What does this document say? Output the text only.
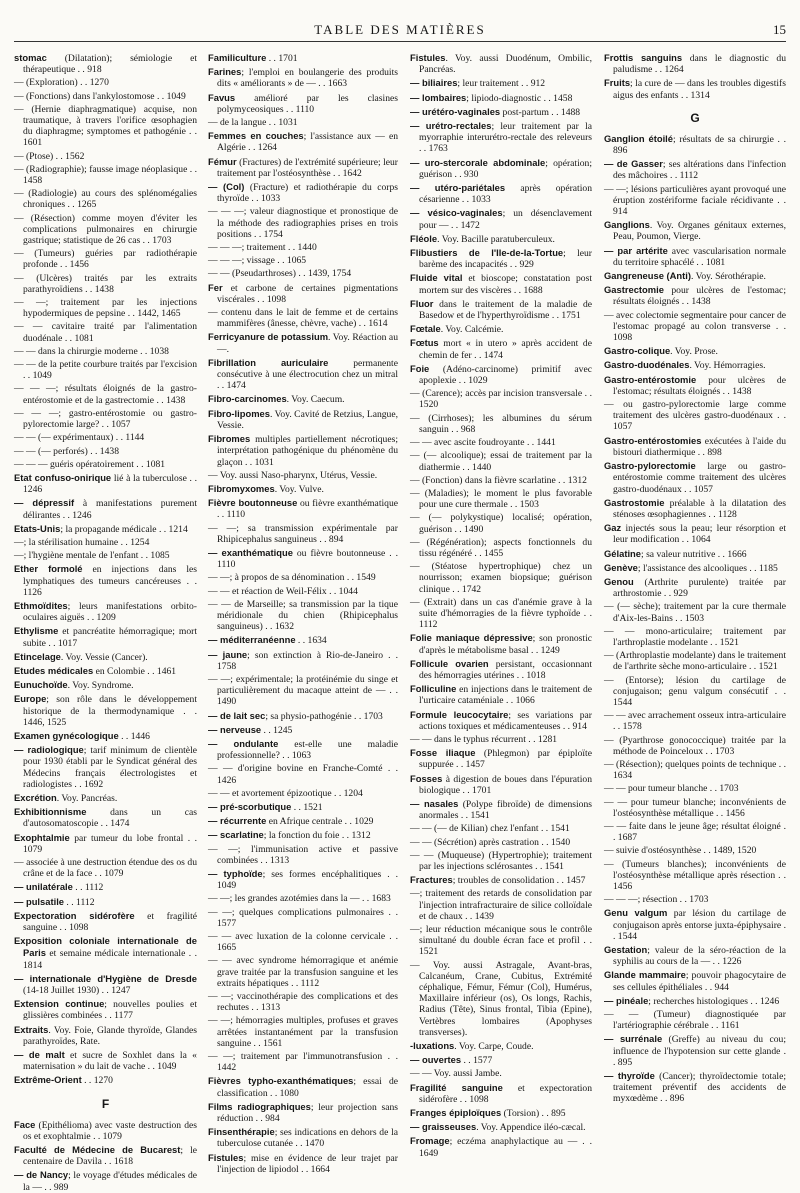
TABLE DES MATIÈRES	15
stomac (Dilatation); sémiologie et thérapeutique . . 918
— (Exploration) . . 1270
— (Fonctions) dans l'ankylostomose . . 1049
— (Hernie diaphragmatique) acquise, non traumatique, à travers l'orifice œsophagien du diaphragme; symptomes et pathogénie . . 1601
— (Ptose) . . 1562
— (Radiographie); fausse image néoplasique . . 1458
— (Radiologie) au cours des splénomégalies chroniques . . 1265
— (Résection) comme moyen d'éviter les complications pulmonaires en chirurgie gastrique; statistique de 26 cas . . 1703
— (Tumeurs) guéries par radiothérapie profonde . . 1456
— (Ulcères) traités par les extraits parathyroïdiens . . 1438
— —; traitement par les injections hypodermiques de pepsine . . 1442, 1465
— — cavitaire traité par l'alimentation duodénale . . 1081
— — dans la chirurgie moderne . . 1038
— — de la petite courbure traités par l'excision . . 1049
— — —; résultats éloignés de la gastro-entérostomie et de la gastrectomie . . 1438
— — —; gastro-entérostomie ou gastro-pylorectomie large? . . 1057
— — (— expérimentaux) . . 1144
— — (— perforés) . . 1438
— — — guéris opératoirement . . 1081
Etat confuso-onirique lié à la tuberculose . . 1246
— dépressif à manifestations purement délirantes . . 1246
Etats-Unis; la propagande médicale . . 1214
—; la stérilisation humaine . . 1254
—; l'hygiène mentale de l'enfant . . 1085
Ether formolé en injections dans les lymphatiques des tumeurs cancéreuses . . 1126
Ethmoïdites; leurs manifestations orbito-oculaires aiguës . . 1209
Ethylisme et pancréatite hémorragique; mort subite . . 1017
Etincelage. Voy. Vessie (Cancer).
Etudes médicales en Colombie . . 1461
Eunuchoïde. Voy. Syndrome.
Europe; son rôle dans le développement historique de la thermodynamique . . 1446, 1525
Examen gynécologique . . 1446
— radiologique; tarif minimum de clientèle pour 1930 établi par le Syndicat général des Médecins français électrologistes et radiologistes . . 1692
Excrétion. Voy. Pancréas.
Exhibitionnisme dans un cas d'autosomatoscopie . . 1474
Exophtalmie par tumeur du lobe frontal . . 1079
— associée à une destruction étendue des os du crâne et de la face . . 1079
— unilatérale . . 1112
— pulsatile . . 1112
Expectoration sidérofère et fragilité sanguine . . 1098
Exposition coloniale internationale de Paris et semaine médicale internationale . . 1814
— internationale d'Hygiène de Dresde (14-18 Juillet 1930) . . 1247
Extension continue; nouvelles poulies et glissières combinées . . 1177
Extraits. Voy. Foie, Glande thyroïde, Glandes parathyroïdes, Rate.
— de malt et sucre de Soxhlet dans la « maternisation » du lait de vache . . 1049
Extrême-Orient . . 1270
F
Face (Epithélioma) avec vaste destruction des os et exophtalmie . . 1079
Faculté de Médecine de Bucarest; le centenaire de Davila . . 1618
— de Nancy; le voyage d'études médicales de la — . . 989
Familiculture . . 1701
Farines; l'emploi en boulangerie des produits dits « améliorants » de — . . 1663
Favus amélioré par les clasines polymyceosiques . . 1110
— de la langue . . 1031
Femmes en couches; l'assistance aux — en Algérie . . 1264
Fémur (Fractures) de l'extrémité supérieure; leur traitement par l'ostéosynthèse . . 1642
— (Col) (Fracture) et radiothérapie du corps thyroïde . . 1033
— — —; valeur diagnostique et pronostique de la méthode des radiographies prises en trois positions . . 1754
— — —; traitement . . 1440
— — —; vissage . . 1065
— — (Pseudarthroses) . . 1439, 1754
Fer et carbone de certaines pigmentations viscérales . . 1098
— contenu dans le lait de femme et de certains mammifères (ânesse, chèvre, vache) . . 1614
Ferricyanure de potassium. Voy. Réaction au —.
Fibrillation auriculaire permanente consécutive à une électrocution chez un mitral . . 1474
Fibro-carcinomes. Voy. Caecum.
Fibro-lipomes. Voy. Cavité de Retzius, Langue, Vessie.
Fibromes multiples partiellement nécrotiques; interprétation pathogénique du phénomène du glaçon . . 1031
— Voy. aussi Naso-pharynx, Utérus, Vessie.
Fibromyxomes. Voy. Vulve.
Fièvre boutonneuse ou fièvre exanthématique . . 1110
— —; sa transmission expérimentale par Rhipicephalus sanguineus . . 894
— exanthématique ou fièvre boutonneuse . . 1110
— —; à propos de sa dénomination . . 1549
— — et réaction de Weil-Félix . . 1044
— — de Marseille; sa transmission par la tique méridionale du chien (Rhipicephalus sanguineus) . . 1632
— méditerranéenne . . 1634
— jaune; son extinction à Rio-de-Janeiro . . 1758
— —; expérimentale; la protéinémie du singe et particulièrement du macaque atteint de — . . 1490
— de lait sec; sa physio-pathogénie . . 1703
— nerveuse . . 1245
— ondulante est-elle une maladie professionnelle? . . 1063
— — d'origine bovine en Franche-Comté . . 1426
— — et avortement épizootique . . 1204
— pré-scorbutique . . 1521
— récurrente en Afrique centrale . . 1029
— scarlatine; la fonction du foie . . 1312
— —; l'immunisation active et passive combinées . . 1313
— typhoïde; ses formes encéphalitiques . . 1049
— —; les grandes azotémies dans la — . . 1683
— —; quelques complications pulmonaires . . 1577
— — avec luxation de la colonne cervicale . . 1665
— — avec syndrome hémorragique et anémie grave traitée par la transfusion sanguine et les extraits hépatiques . . 1112
— —; vaccinothérapie des complications et des rechutes . . 1313
— —; hémorragies multiples, profuses et graves arrêtées instantanément par la transfusion sanguine . . 1561
— —; traitement par l'immunotransfusion . . 1442
Fièvres typho-exanthématiques; essai de classification . . 1080
Films radiographiques; leur projection sans réduction . . 984
Finsenthérapie; ses indications en dehors de la tuberculose cutanée . . 1470
Fistules; mise en évidence de leur trajet par l'injection de lipiodol . . 1664
Fistules. Voy. aussi Duodénum, Ombilic, Pancréas.
— biliaires; leur traitement . . 912
— lombaires; lipiodo-diagnostic . . 1458
— urétéro-vaginales post-partum . . 1488
— urétro-rectales; leur traitement par la myorraphie interurétro-rectale des releveurs . . 1763
— uro-stercorale abdominale; opération; guérison . . 930
— utéro-pariétales après opération césarienne . . 1033
— vésico-vaginales; un désenclavement pour — . . 1472
Fléole. Voy. Bacille paratuberculeux.
Flibustiers de l'Ile-de-la-Tortue; leur barème des incapacités . . 929
Fluide vital et bioscope; constatation post mortem sur des viscères . . 1688
Fluor dans le traitement de la maladie de Basedow et de l'hyperthyroïdisme . . 1751
Fœtale. Voy. Calcémie.
Fœtus mort « in utero » après accident de chemin de fer . . 1474
Foie (Adéno-carcinome) primitif avec apoplexie . . 1029
— (Carence); accès par incision transversale . . 1520
— (Cirrhoses); les albumines du sérum sanguin . . 968
— — avec ascite foudroyante . . 1441
— (— alcoolique); essai de traitement par la diathermie . . 1440
— (Fonction) dans la fièvre scarlatine . . 1312
— (Maladies); le moment le plus favorable pour une cure thermale . . 1503
— (— polykystique) localisé; opération, guérison . . 1490
— (Régénération); aspects fonctionnels du tissu régénéré . . 1455
— (Stéatose hypertrophique) chez un nourrisson; examen biopsique; guérison clinique . . 1742
— (Extrait) dans un cas d'anémie grave à la suite d'hémorragies de la fièvre typhoïde . . 1112
Folie maniaque dépressive; son pronostic d'après le métabolisme basal . . 1249
Follicule ovarien persistant, occasionnant des hémorragies utérines . . 1018
Folliculine en injections dans le traitement de l'urticaire cataméniale . . 1066
Formule leucocytaire; ses variations par actions toxiques et médicamenteuses . . 914
— — dans le typhus récurrent . . 1281
Fosse iliaque (Phlegmon) par épiploïte suppurée . . 1457
Fosses à digestion de boues dans l'épuration biologique . . 1701
— nasales (Polype fibroïde) de dimensions anormales . . 1541
— — (— de Kilian) chez l'enfant . . 1541
— — (Sécrétion) après castration . . 1540
— — (Muqueuse) (Hypertrophie); traitement par les injections sclérosantes . . 1541
Fractures; troubles de consolidation . . 1457
—; traitement des retards de consolidation par l'injection intrafracturaire de silice colloïdale et de chaux . . 1439
—; leur réduction mécanique sous le contrôle simultané du double écran face et profil . . 1521
— Voy. aussi Astragale, Avant-bras, Calcanéum, Crane, Cubitus, Extrémité céphalique, Fémur, Fémur (Col), Humérus, Maxillaire inférieur (os), Os longs, Rachis, Radius (Tête), Sinus frontal, Tibia (Epine), Vertèbres lombaires (Apophyses transverses).
-luxations. Voy. Carpe, Coude.
— ouvertes . . 1577
— — Voy. aussi Jambe.
Fragilité sanguine et expectoration sidérofère . . 1098
Franges épiploïques (Torsion) . . 895
— graisseuses. Voy. Appendice iléo-cæcal.
Fromage; eczéma anaphylactique au — . . 1649
Frottis sanguins dans le diagnostic du paludisme . . 1264
Fruits; la cure de — dans les troubles digestifs aigus des enfants . . 1314
G
Ganglion étoilé; résultats de sa chirurgie . . 896
— de Gasser; ses altérations dans l'infection des mâchoires . . 1112
— —; lésions particulières ayant provoqué une éruption zostériforme faciale récidivante . . 914
Ganglions. Voy. Organes génitaux externes, Peau, Poumon, Vierge.
— par artérite avec vascularisation normale du territoire sphacélé . . 1081
Gangreneuse (Anti). Voy. Sérothérapie.
Gastrectomie pour ulcères de l'estomac; résultats éloignés . . 1438
— avec colectomie segmentaire pour cancer de l'estomac propagé au colon transverse . . 1098
Gastro-colique. Voy. Prose.
Gastro-duodénales. Voy. Hémorragies.
Gastro-entérostomie pour ulcères de l'estomac; résultats éloignés . . 1438
— ou gastro-pylorectomie large comme traitement des ulcères gastro-duodénaux . . 1057
Gastro-entérostomies exécutées à l'aide du bistouri diathermique . . 898
Gastro-pylorectomie large ou gastro-entérostomie comme traitement des ulcères gastro-duodénaux . . 1057
Gastrostomie préalable à la dilatation des sténoses œsophagiennes . . 1128
Gaz injectés sous la peau; leur résorption et leur modification . . 1064
Gélatine; sa valeur nutritive . . 1666
Genève; l'assistance des alcooliques . . 1185
Genou (Arthrite purulente) traitée par arthrostomie . . 929
— (— sèche); traitement par la cure thermale d'Aix-les-Bains . . 1503
— — mono-articulaire; traitement par l'arthroplastie modelante . . 1521
— (Arthroplastie modelante) dans le traitement de l'arthrite sèche mono-articulaire . . 1521
— (Entorse); lésion du cartilage de conjugaison; genu valgum consécutif . . 1544
— — avec arrachement osseux intra-articulaire . . 1578
— (Pyarthrose gonococcique) traitée par la méthode de Poinceloux . . 1703
— (Résection); quelques points de technique . . 1634
— — pour tumeur blanche . . 1703
— — pour tumeur blanche; inconvénients de l'ostéosynthèse métallique . . 1456
— — faite dans le jeune âge; résultat éloigné . . 1687
— suivie d'ostéosynthèse . . 1489, 1520
— (Tumeurs blanches); inconvénients de l'ostéosynthèse métallique après résection . . 1456
— — —; résection . . 1703
Genu valgum par lésion du cartilage de conjugaison après entorse juxta-épiphysaire . . 1544
Gestation; valeur de la séro-réaction de la syphilis au cours de la — . . 1226
Glande mammaire; pouvoir phagocytaire de ses cellules épithéliales . . 944
— pinéale; recherches histologiques . . 1246
— — (Tumeur) diagnostiquée par l'artériographie cérébrale . . 1161
— surrénale (Greffe) au niveau du cou; influence de l'hypotension sur cette glande . . 895
— thyroïde (Cancer); thyroïdectomie totale; traitement préventif des accidents de myxœdème . . 896
